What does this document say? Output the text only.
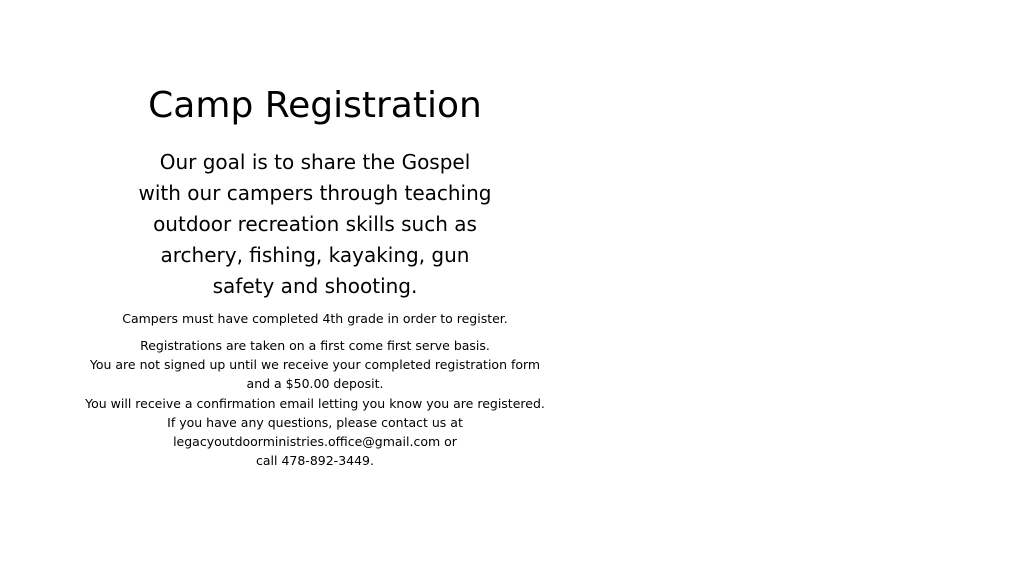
Camp Registration
Our goal is to share the Gospel
with our campers through teaching
outdoor recreation skills such as
archery, fishing, kayaking, gun
safety and shooting.
Campers must have completed 4th grade in order to register.
Registrations are taken on a first come first serve basis.
You are not signed up until we receive your completed registration form
and a $50.00 deposit.
You will receive a confirmation email letting you know you are registered.
If you have any questions, please contact us at
legacyoutdoorministries.office@gmail.com or
call 478-892-3449.
